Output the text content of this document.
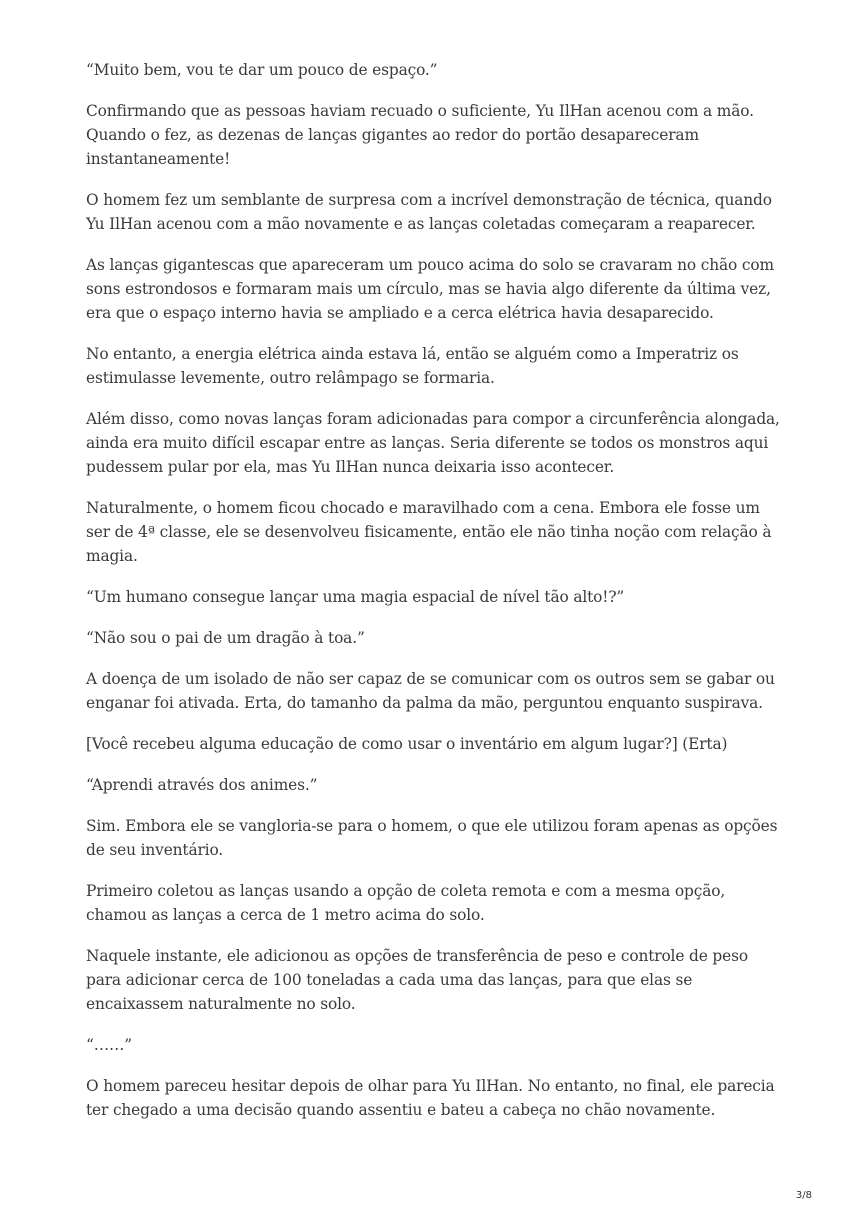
“Muito bem, vou te dar um pouco de espaço.”

Confirmando que as pessoas haviam recuado o suficiente, Yu IlHan acenou com a mão. Quando o fez, as dezenas de lanças gigantes ao redor do portão desapareceram instantaneamente!

O homem fez um semblante de surpresa com a incrível demonstração de técnica, quando Yu IlHan acenou com a mão novamente e as lanças coletadas começaram a reaparecer.

As lanças gigantescas que apareceram um pouco acima do solo se cravaram no chão com sons estrondosos e formaram mais um círculo, mas se havia algo diferente da última vez, era que o espaço interno havia se ampliado e a cerca elétrica havia desaparecido.

No entanto, a energia elétrica ainda estava lá, então se alguém como a Imperatriz os estimulasse levemente, outro relâmpago se formaria.

Além disso, como novas lanças foram adicionadas para compor a circunferência alongada, ainda era muito difícil escapar entre as lanças. Seria diferente se todos os monstros aqui pudessem pular por ela, mas Yu IlHan nunca deixaria isso acontecer.

Naturalmente, o homem ficou chocado e maravilhado com a cena. Embora ele fosse um ser de 4ª classe, ele se desenvolveu fisicamente, então ele não tinha noção com relação à magia.

“Um humano consegue lançar uma magia espacial de nível tão alto!?”

“Não sou o pai de um dragão à toa.”

A doença de um isolado de não ser capaz de se comunicar com os outros sem se gabar ou enganar foi ativada. Erta, do tamanho da palma da mão, perguntou enquanto suspirava.

[Você recebeu alguma educação de como usar o inventário em algum lugar?] (Erta)

“Aprendi através dos animes.”

Sim. Embora ele se vangloria-se para o homem, o que ele utilizou foram apenas as opções de seu inventário.

Primeiro coletou as lanças usando a opção de coleta remota e com a mesma opção, chamou as lanças a cerca de 1 metro acima do solo.

Naquele instante, ele adicionou as opções de transferência de peso e controle de peso para adicionar cerca de 100 toneladas a cada uma das lanças, para que elas se encaixassem naturalmente no solo.

“……”

O homem pareceu hesitar depois de olhar para Yu IlHan. No entanto, no final, ele parecia ter chegado a uma decisão quando assentiu e bateu a cabeça no chão novamente.

3/8
